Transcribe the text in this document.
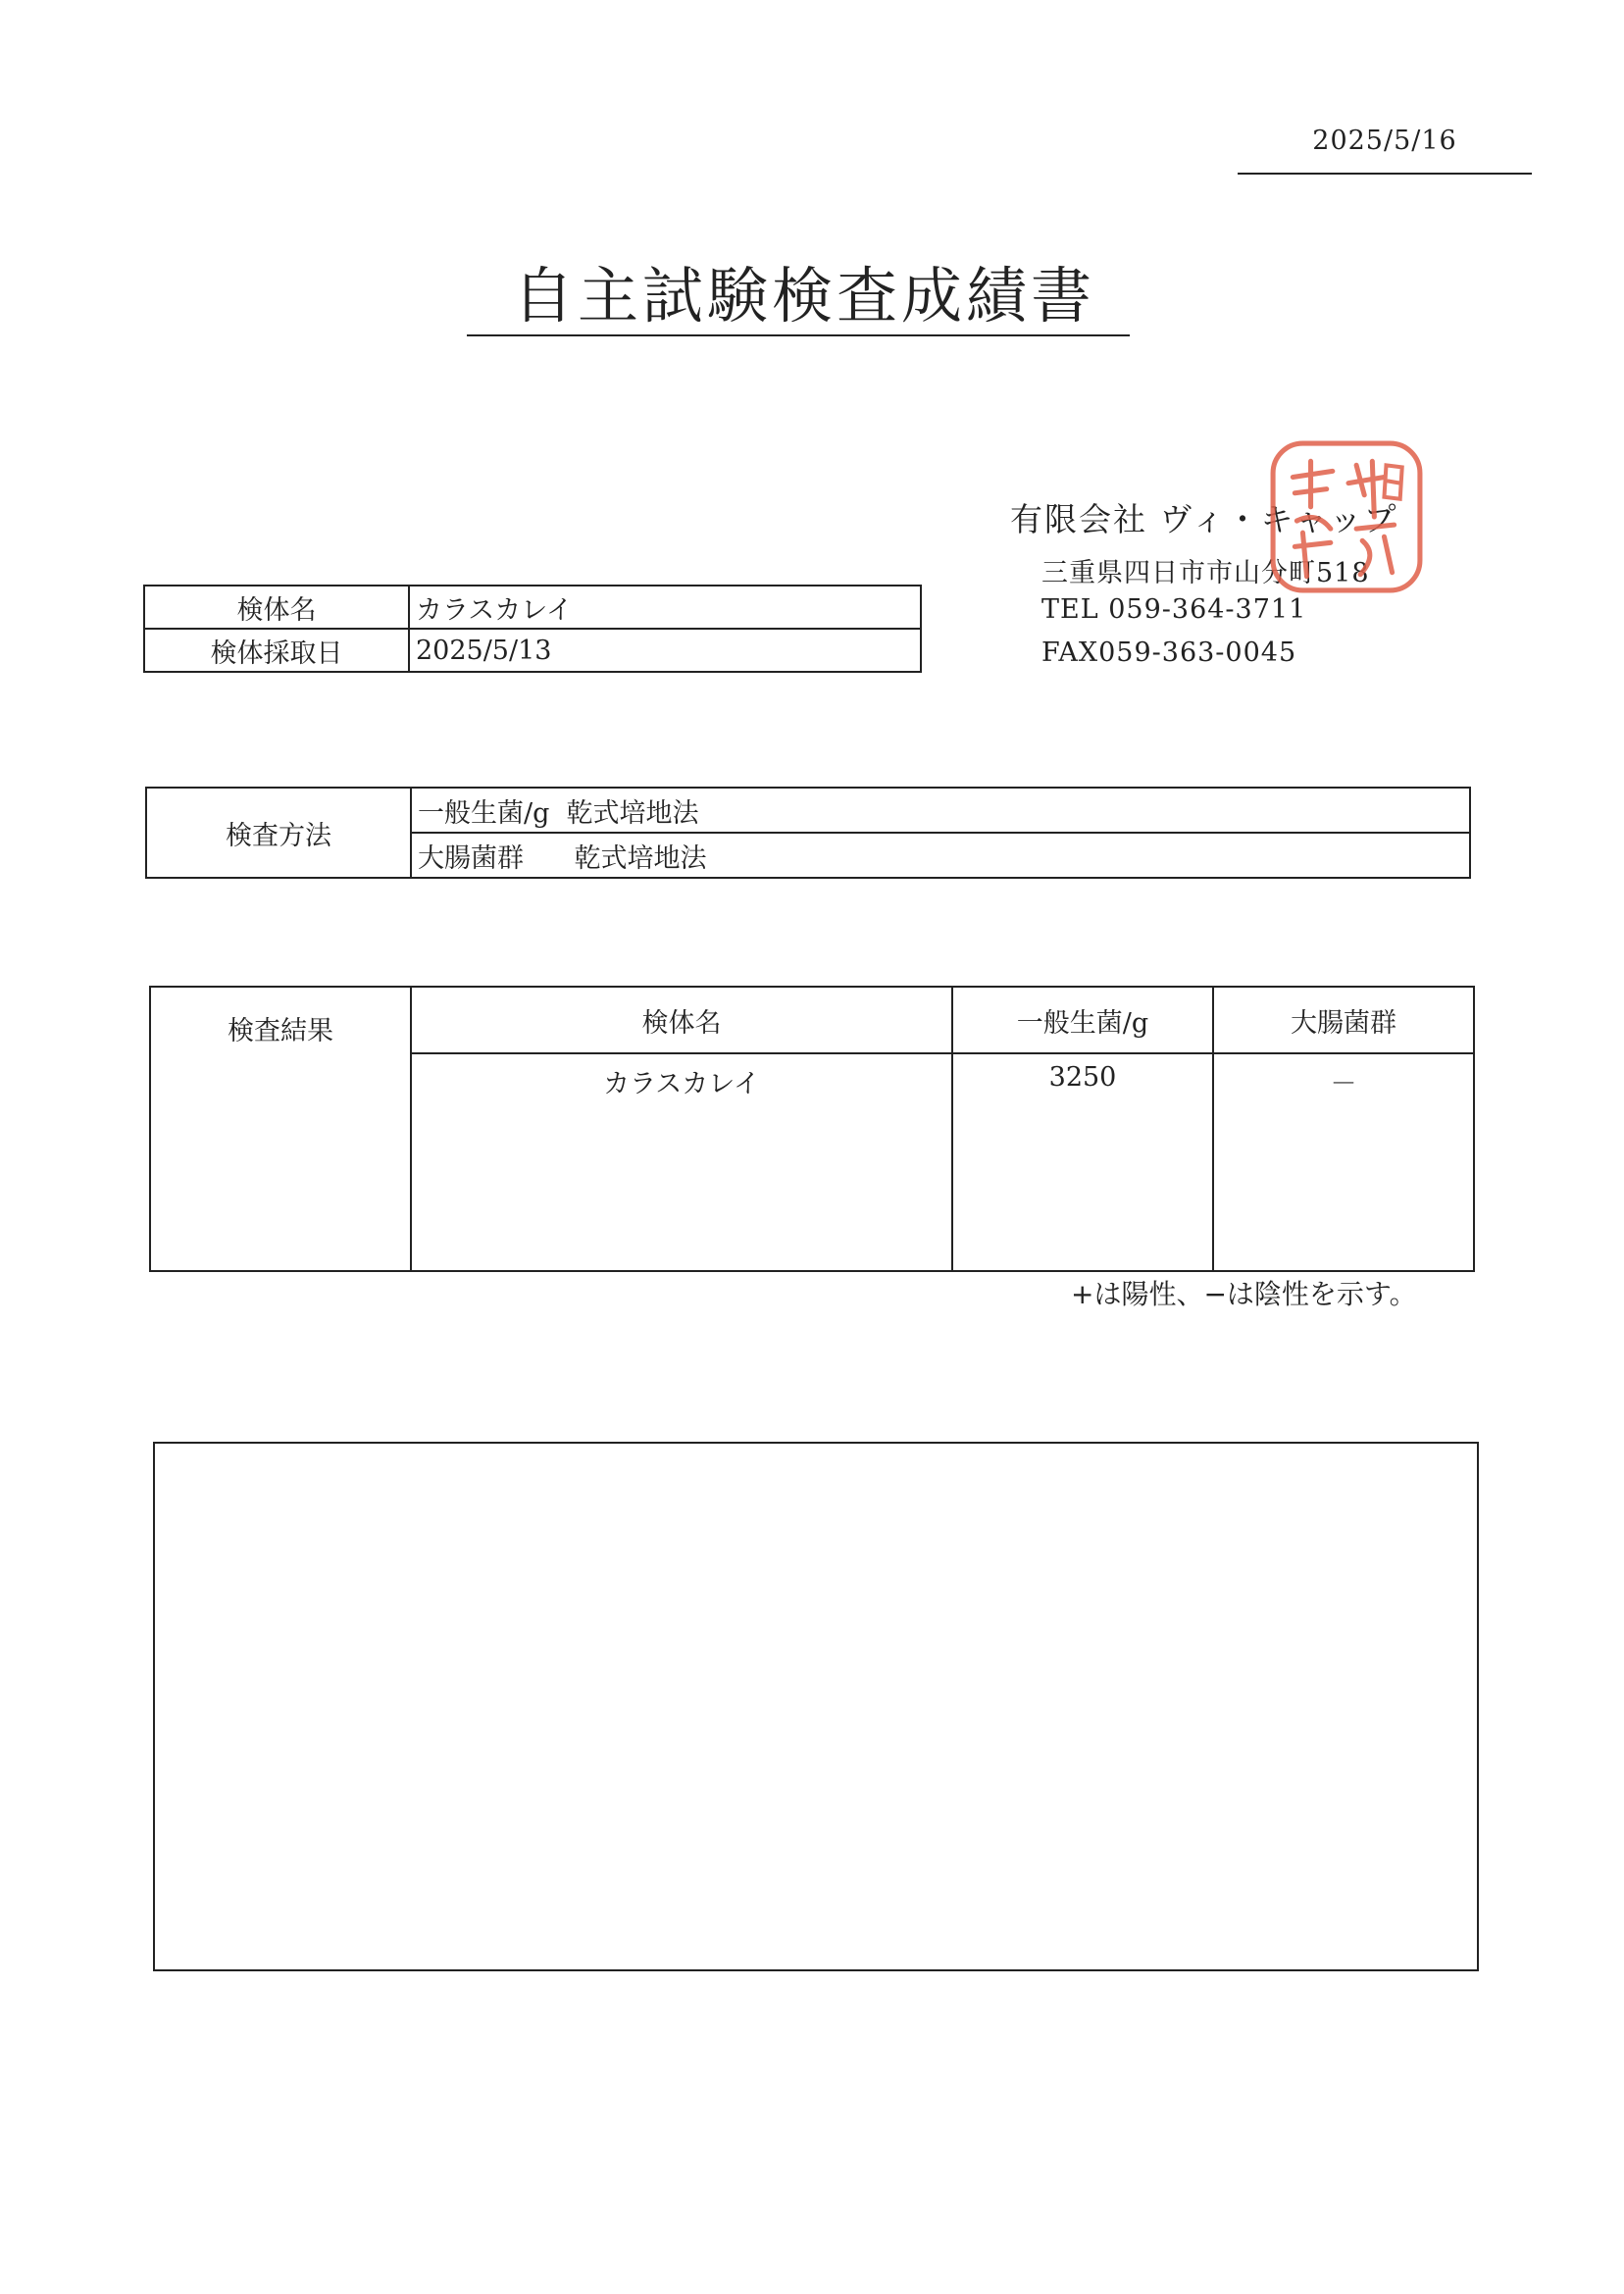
2025/5/16
自主試験検査成績書
有限会社 ヴィ・キャップ
三重県四日市市山分町518
TEL 059-364-3711
FAX059-363-0045
検体名	カラスカレイ
検体採取日	2025/5/13
検査方法	一般生菌/g  乾式培地法
大腸菌群      乾式培地法
検査結果	検体名	一般生菌/g	大腸菌群
	カラスカレイ	3250	－
+は陽性、−は陰性を示す。
